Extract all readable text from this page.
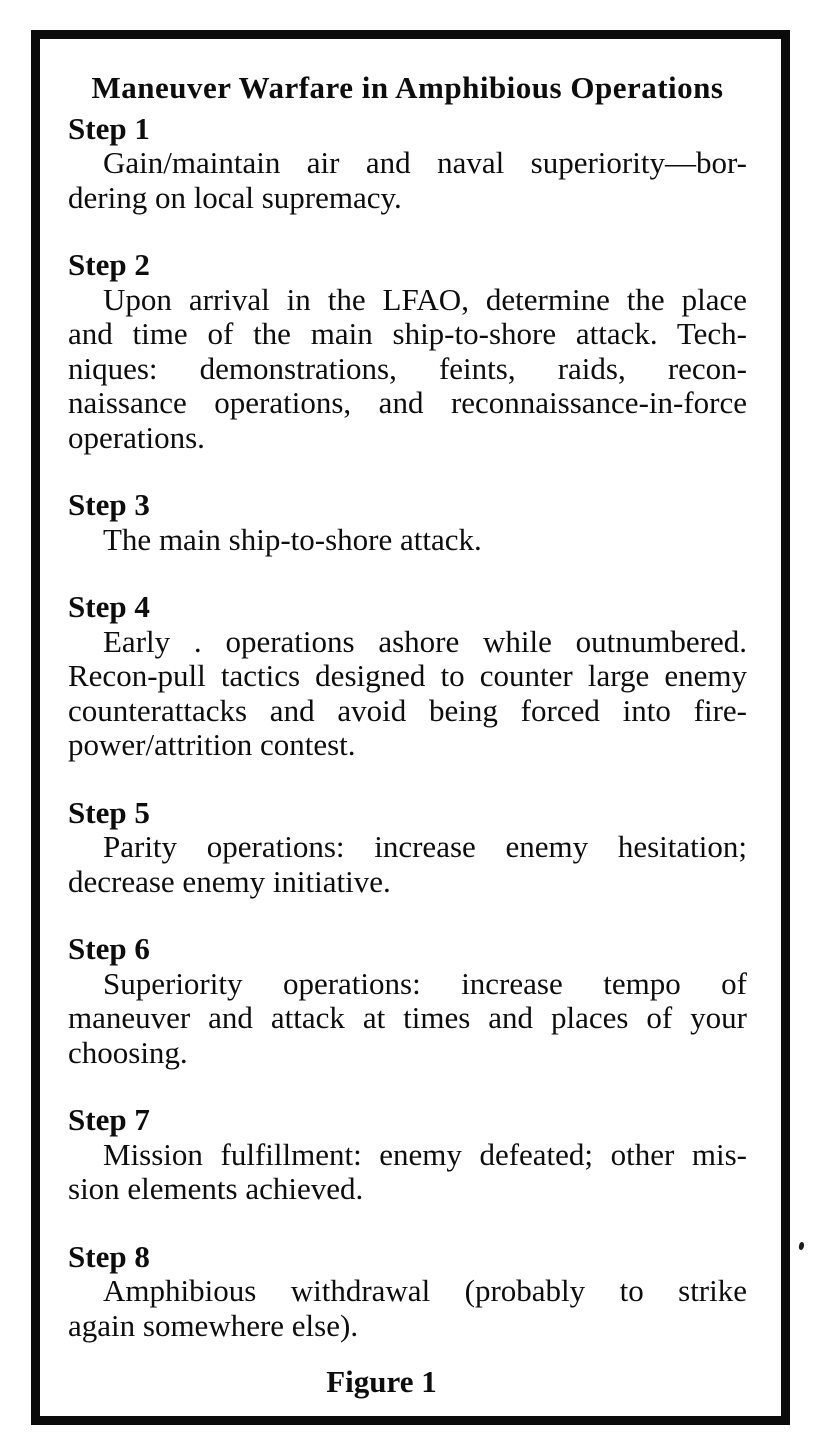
Maneuver Warfare in Amphibious Operations
Step 1
Gain/maintain air and naval superiority—bor-
dering on local supremacy.
Step 2
Upon arrival in the LFAO, determine the place
and time of the main ship-to-shore attack. Tech-
niques: demonstrations, feints, raids, recon-
naissance operations, and reconnaissance-in-force
operations.
Step 3
The main ship-to-shore attack.
Step 4
Early . operations ashore while outnumbered.
Recon-pull tactics designed to counter large enemy
counterattacks and avoid being forced into fire-
power/attrition contest.
Step 5
Parity operations: increase enemy hesitation;
decrease enemy initiative.
Step 6
Superiority operations: increase tempo of
maneuver and attack at times and places of your
choosing.
Step 7
Mission fulfillment: enemy defeated; other mis-
sion elements achieved.
Step 8
Amphibious withdrawal (probably to strike
again somewhere else).
Figure 1
